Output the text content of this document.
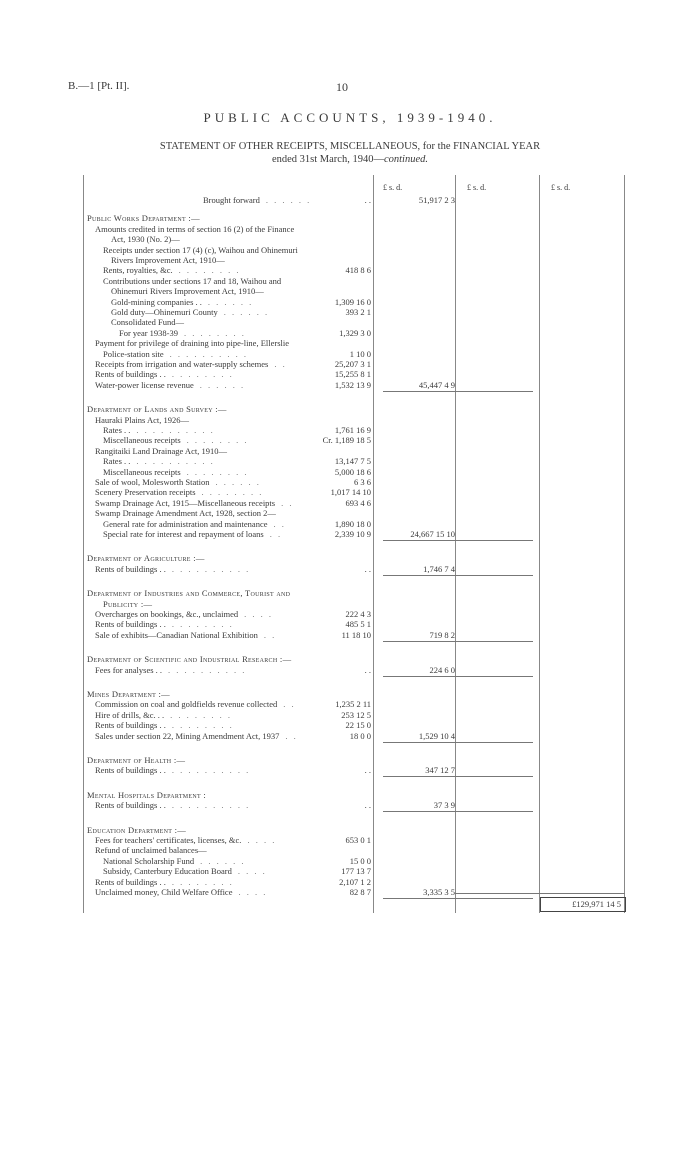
B.—1 [Pt. II].	10
PUBLIC ACCOUNTS, 1939-1940.
STATEMENT OF OTHER RECEIPTS, MISCELLANEOUS, for the FINANCIAL YEAR
ended 31st March, 1940—continued.
£ s. d.	£ s. d.	£ s. d.
£129,971 14 5
Brought forward . . . . . .	. .	51,917 2 3
Public Works Department :—
Amounts credited in terms of section 16 (2) of the Finance
Act, 1930 (No. 2)—
Receipts under section 17 (4) (c), Waihou and Ohinemuri
Rivers Improvement Act, 1910—
Rents, royalties, &c. . . . . . . . .	418 8 6
Contributions under sections 17 and 18, Waihou and
Ohinemuri Rivers Improvement Act, 1910—
Gold-mining companies . . . . . . . .	1,309 16 0
Gold duty—Ohinemuri County . . . . . .	393 2 1
Consolidated Fund—
For year 1938-39 . . . . . . . .	1,329 3 0
Payment for privilege of draining into pipe-line, Ellerslie
Police-station site . . . . . . . . . .	1 10 0
Receipts from irrigation and water-supply schemes . .	25,207 3 1
Rents of buildings . . . . . . . . . .	15,255 8 1
Water-power license revenue . . . . . .	1,532 13 9	45,447 4 9
Department of Lands and Survey :—
Hauraki Plains Act, 1926—
Rates . . . . . . . . . . . .	1,761 16 9
Miscellaneous receipts . . . . . . . .	Cr. 1,189 18 5
Rangitaiki Land Drainage Act, 1910—
Rates . . . . . . . . . . . .	13,147 7 5
Miscellaneous receipts . . . . . . . .	5,000 18 6
Sale of wool, Molesworth Station . . . . . .	6 3 6
Scenery Preservation receipts . . . . . . . .	1,017 14 10
Swamp Drainage Act, 1915—Miscellaneous receipts . .	693 4 6
Swamp Drainage Amendment Act, 1928, section 2—
General rate for administration and maintenance . .	1,890 18 0
Special rate for interest and repayment of loans . .	2,339 10 9	24,667 15 10
Department of Agriculture :—
Rents of buildings . . . . . . . . . . . .	. .	1,746 7 4
Department of Industries and Commerce, Tourist and
Publicity :—
Overcharges on bookings, &c., unclaimed . . . .	222 4 3
Rents of buildings . . . . . . . . . .	485 5 1
Sale of exhibits—Canadian National Exhibition . .	11 18 10	719 8 2
Department of Scientific and Industrial Research :—
Fees for analyses . . . . . . . . . . . .	. .	224 6 0
Mines Department :—
Commission on coal and goldfields revenue collected . .	1,235 2 11
Hire of drills, &c. . . . . . . . . . .	253 12 5
Rents of buildings . . . . . . . . . .	22 15 0
Sales under section 22, Mining Amendment Act, 1937 . .	18 0 0	1,529 10 4
Department of Health :—
Rents of buildings . . . . . . . . . . . .	. .	347 12 7
Mental Hospitals Department :
Rents of buildings . . . . . . . . . . . .	. .	37 3 9
Education Department :—
Fees for teachers' certificates, licenses, &c. . . . .	653 0 1
Refund of unclaimed balances—
National Scholarship Fund . . . . . .	15 0 0
Subsidy, Canterbury Education Board . . . .	177 13 7
Rents of buildings . . . . . . . . . .	2,107 1 2
Unclaimed money, Child Welfare Office . . . .	82 8 7	3,335 3 5
